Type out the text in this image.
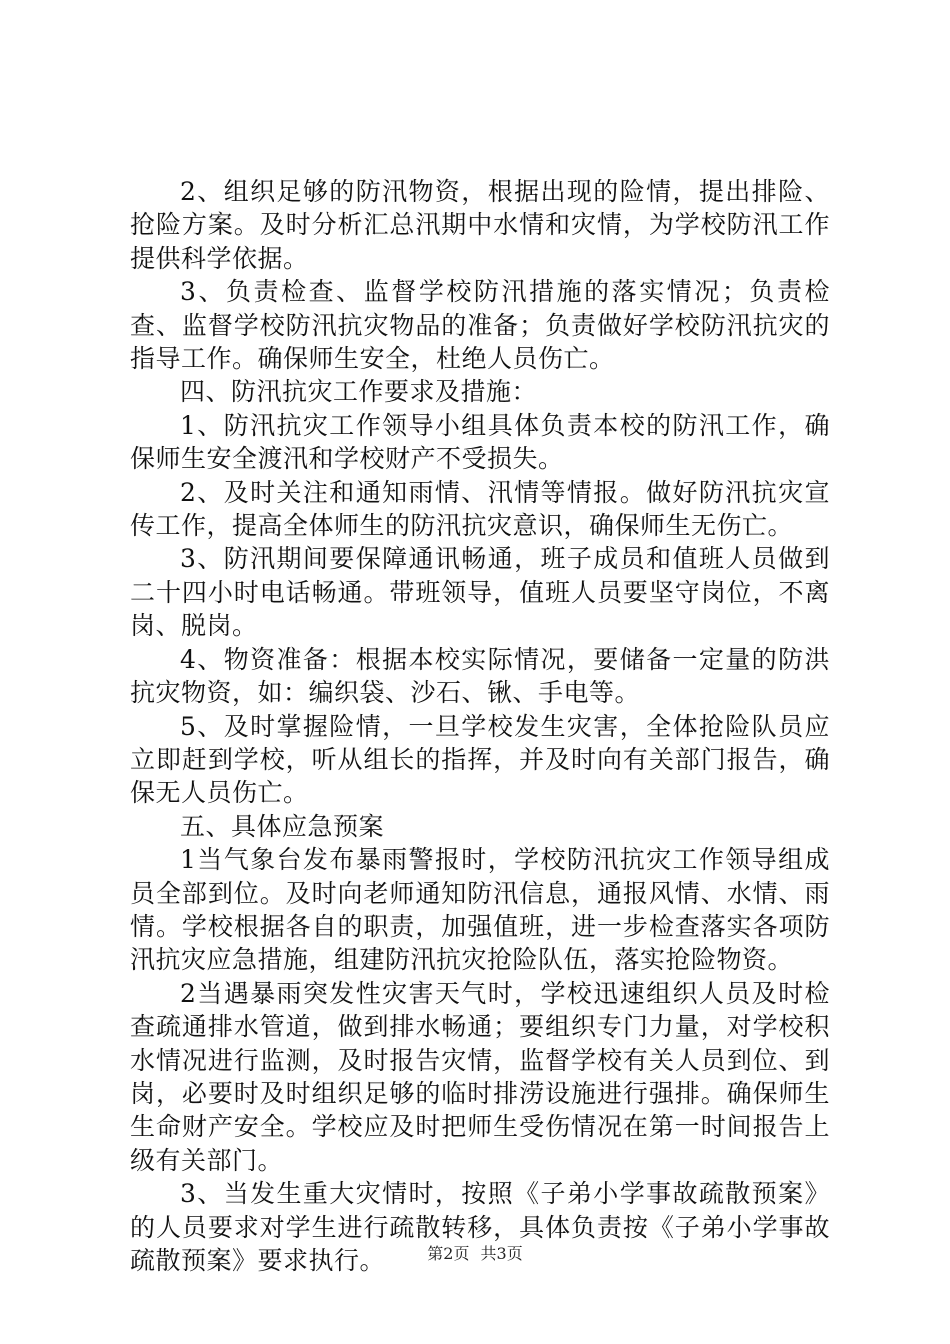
2、组织足够的防汛物资，根据出现的险情，提出排险、抢险方案。及时分析汇总汛期中水情和灾情，为学校防汛工作提供科学依据。

3、负责检查、监督学校防汛措施的落实情况；负责检查、监督学校防汛抗灾物品的准备；负责做好学校防汛抗灾的指导工作。确保师生安全，杜绝人员伤亡。

四、防汛抗灾工作要求及措施：

1、防汛抗灾工作领导小组具体负责本校的防汛工作，确保师生安全渡汛和学校财产不受损失。

2、及时关注和通知雨情、汛情等情报。做好防汛抗灾宣传工作，提高全体师生的防汛抗灾意识，确保师生无伤亡。

3、防汛期间要保障通讯畅通，班子成员和值班人员做到二十四小时电话畅通。带班领导，值班人员要坚守岗位，不离岗、脱岗。

4、物资准备：根据本校实际情况，要储备一定量的防洪抗灾物资，如：编织袋、沙石、锹、手电等。

5、及时掌握险情，一旦学校发生灾害，全体抢险队员应立即赶到学校，听从组长的指挥，并及时向有关部门报告，确保无人员伤亡。

五、具体应急预案

1当气象台发布暴雨警报时，学校防汛抗灾工作领导组成员全部到位。及时向老师通知防汛信息，通报风情、水情、雨情。学校根据各自的职责，加强值班，进一步检查落实各项防汛抗灾应急措施，组建防汛抗灾抢险队伍，落实抢险物资。

2当遇暴雨突发性灾害天气时，学校迅速组织人员及时检查疏通排水管道，做到排水畅通；要组织专门力量，对学校积水情况进行监测，及时报告灾情，监督学校有关人员到位、到岗，必要时及时组织足够的临时排涝设施进行强排。确保师生生命财产安全。学校应及时把师生受伤情况在第一时间报告上级有关部门。

3、当发生重大灾情时，按照《子弟小学事故疏散预案》的人员要求对学生进行疏散转移，具体负责按《子弟小学事故疏散预案》要求执行。	第2页 共3页
